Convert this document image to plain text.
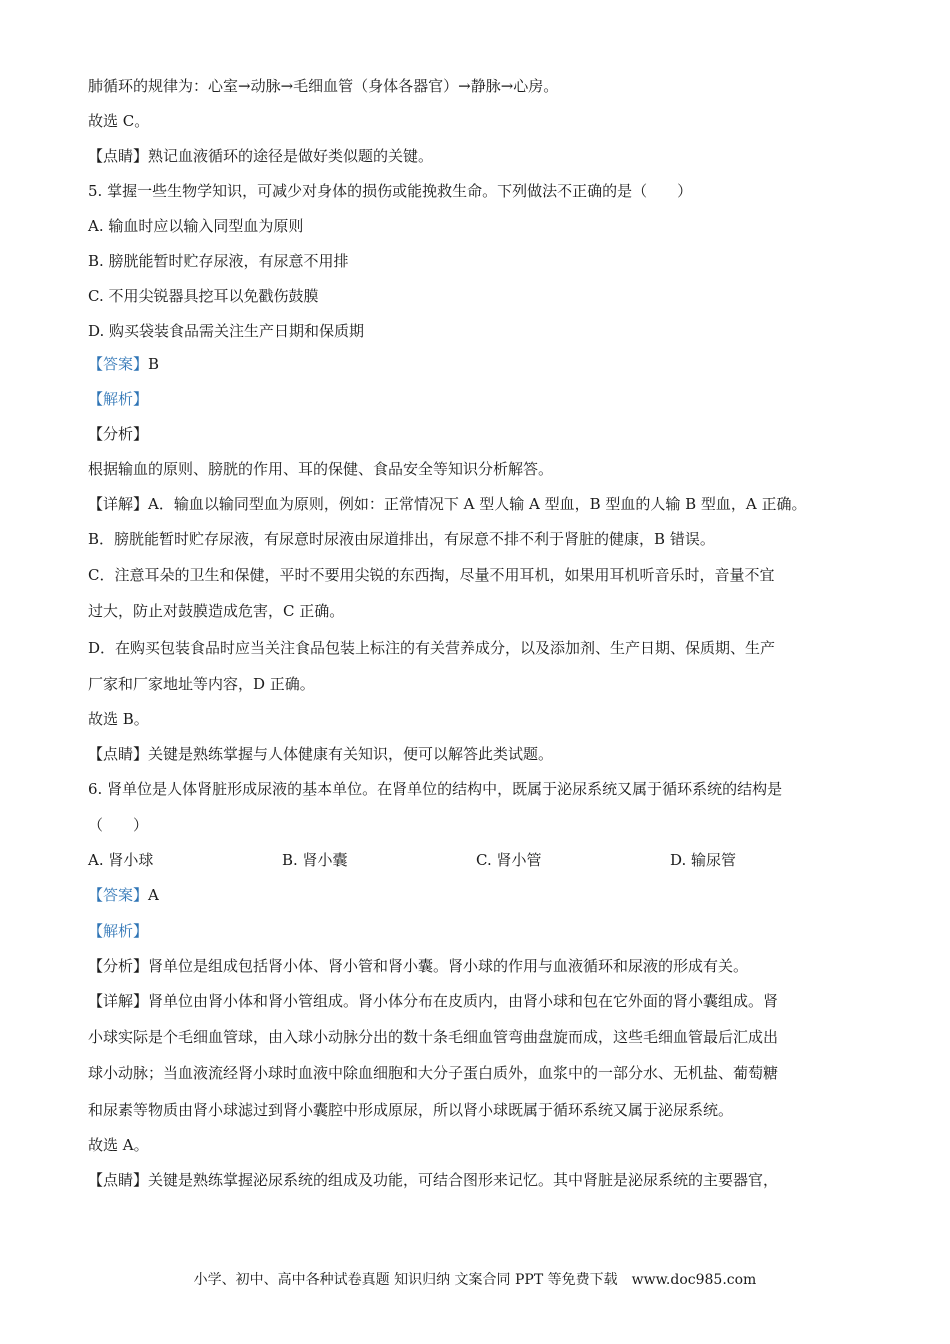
肺循环的规律为：心室→动脉→毛细血管（身体各器官）→静脉→心房。
故选 C。
【点睛】熟记血液循环的途径是做好类似题的关键。
5. 掌握一些生物学知识，可减少对身体的损伤或能挽救生命。下列做法不正确的是（　　）
A. 输血时应以输入同型血为原则
B. 膀胱能暂时贮存尿液，有尿意不用排
C. 不用尖锐器具挖耳以免戳伤鼓膜
D. 购买袋装食品需关注生产日期和保质期
【答案】B
【解析】
【分析】
根据输血的原则、膀胱的作用、耳的保健、食品安全等知识分析解答。
【详解】A．输血以输同型血为原则，例如：正常情况下 A 型人输 A 型血，B 型血的人输 B 型血，A 正确。
B．膀胱能暂时贮存尿液，有尿意时尿液由尿道排出，有尿意不排不利于肾脏的健康，B 错误。
C．注意耳朵的卫生和保健，平时不要用尖锐的东西掏，尽量不用耳机，如果用耳机听音乐时，音量不宜
过大，防止对鼓膜造成危害，C 正确。
D．在购买包装食品时应当关注食品包装上标注的有关营养成分，以及添加剂、生产日期、保质期、生产
厂家和厂家地址等内容，D 正确。
故选 B。
【点睛】关键是熟练掌握与人体健康有关知识，便可以解答此类试题。
6. 肾单位是人体肾脏形成尿液的基本单位。在肾单位的结构中，既属于泌尿系统又属于循环系统的结构是
（　　）
A. 肾小球	B. 肾小囊	C. 肾小管	D. 输尿管
【答案】A
【解析】
【分析】肾单位是组成包括肾小体、肾小管和肾小囊。肾小球的作用与血液循环和尿液的形成有关。
【详解】肾单位由肾小体和肾小管组成。肾小体分布在皮质内，由肾小球和包在它外面的肾小囊组成。肾
小球实际是个毛细血管球，由入球小动脉分出的数十条毛细血管弯曲盘旋而成，这些毛细血管最后汇成出
球小动脉；当血液流经肾小球时血液中除血细胞和大分子蛋白质外，血浆中的一部分水、无机盐、葡萄糖
和尿素等物质由肾小球滤过到肾小囊腔中形成原尿，所以肾小球既属于循环系统又属于泌尿系统。
故选 A。
【点睛】关键是熟练掌握泌尿系统的组成及功能，可结合图形来记忆。其中肾脏是泌尿系统的主要器官，
小学、初中、高中各种试卷真题 知识归纳 文案合同 PPT 等免费下载　www.doc985.com
